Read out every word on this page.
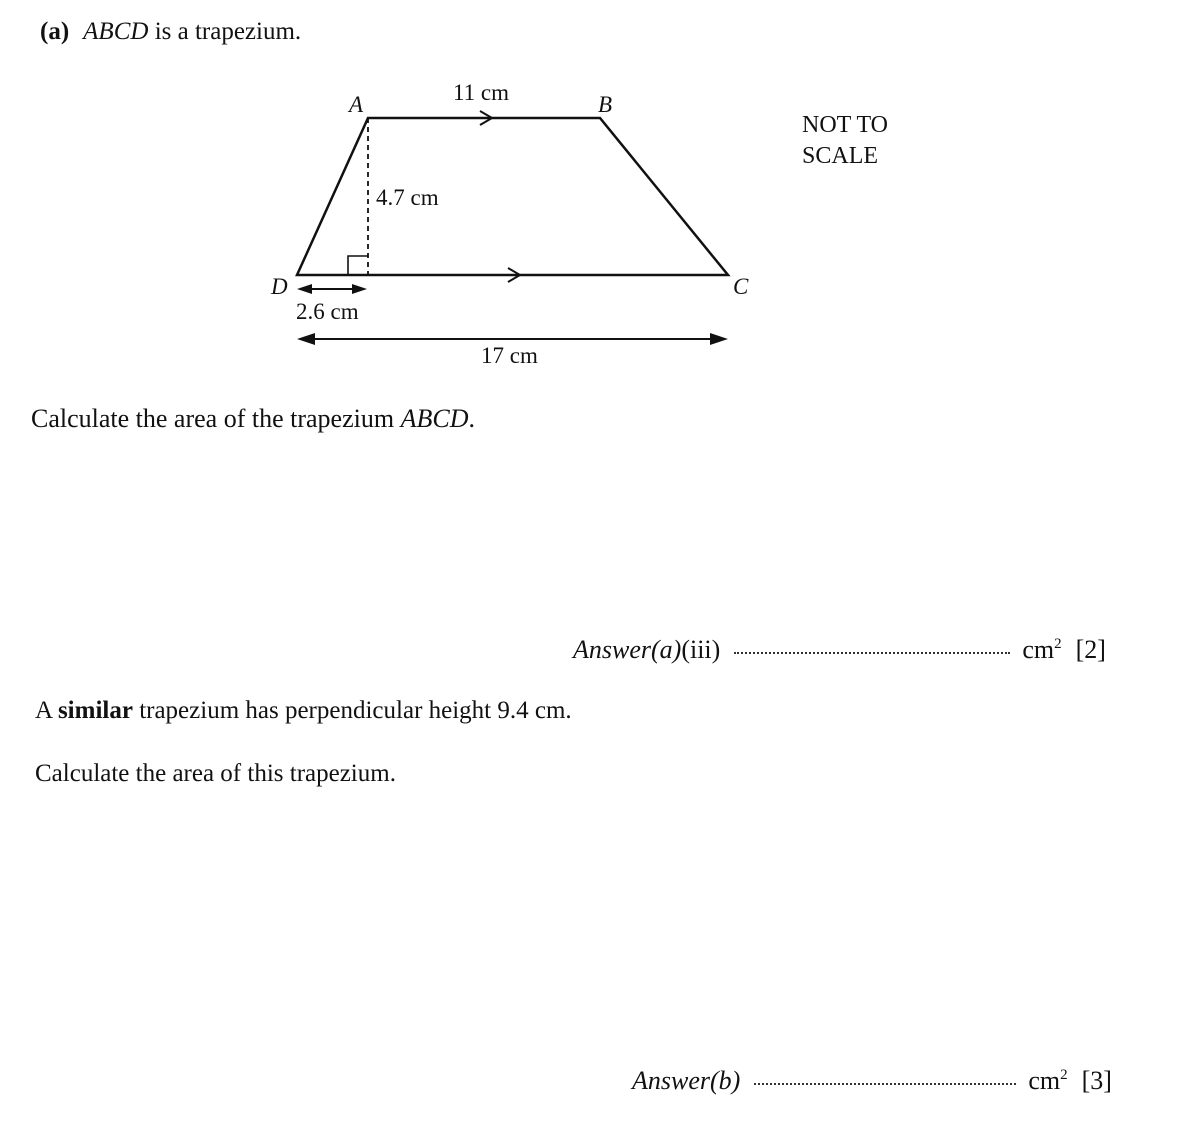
(a) ABCD is a trapezium.
A	B
C
D
11 cm
4.7 cm
2.6 cm
17 cm
NOT TO
SCALE
Calculate the area of the trapezium ABCD.
Answer(a) (iii)	$cm^2$ [2]
A similar trapezium has perpendicular height 9.4 cm.
Calculate the area of this trapezium.
Answer(b)	$cm^2$ [3]
